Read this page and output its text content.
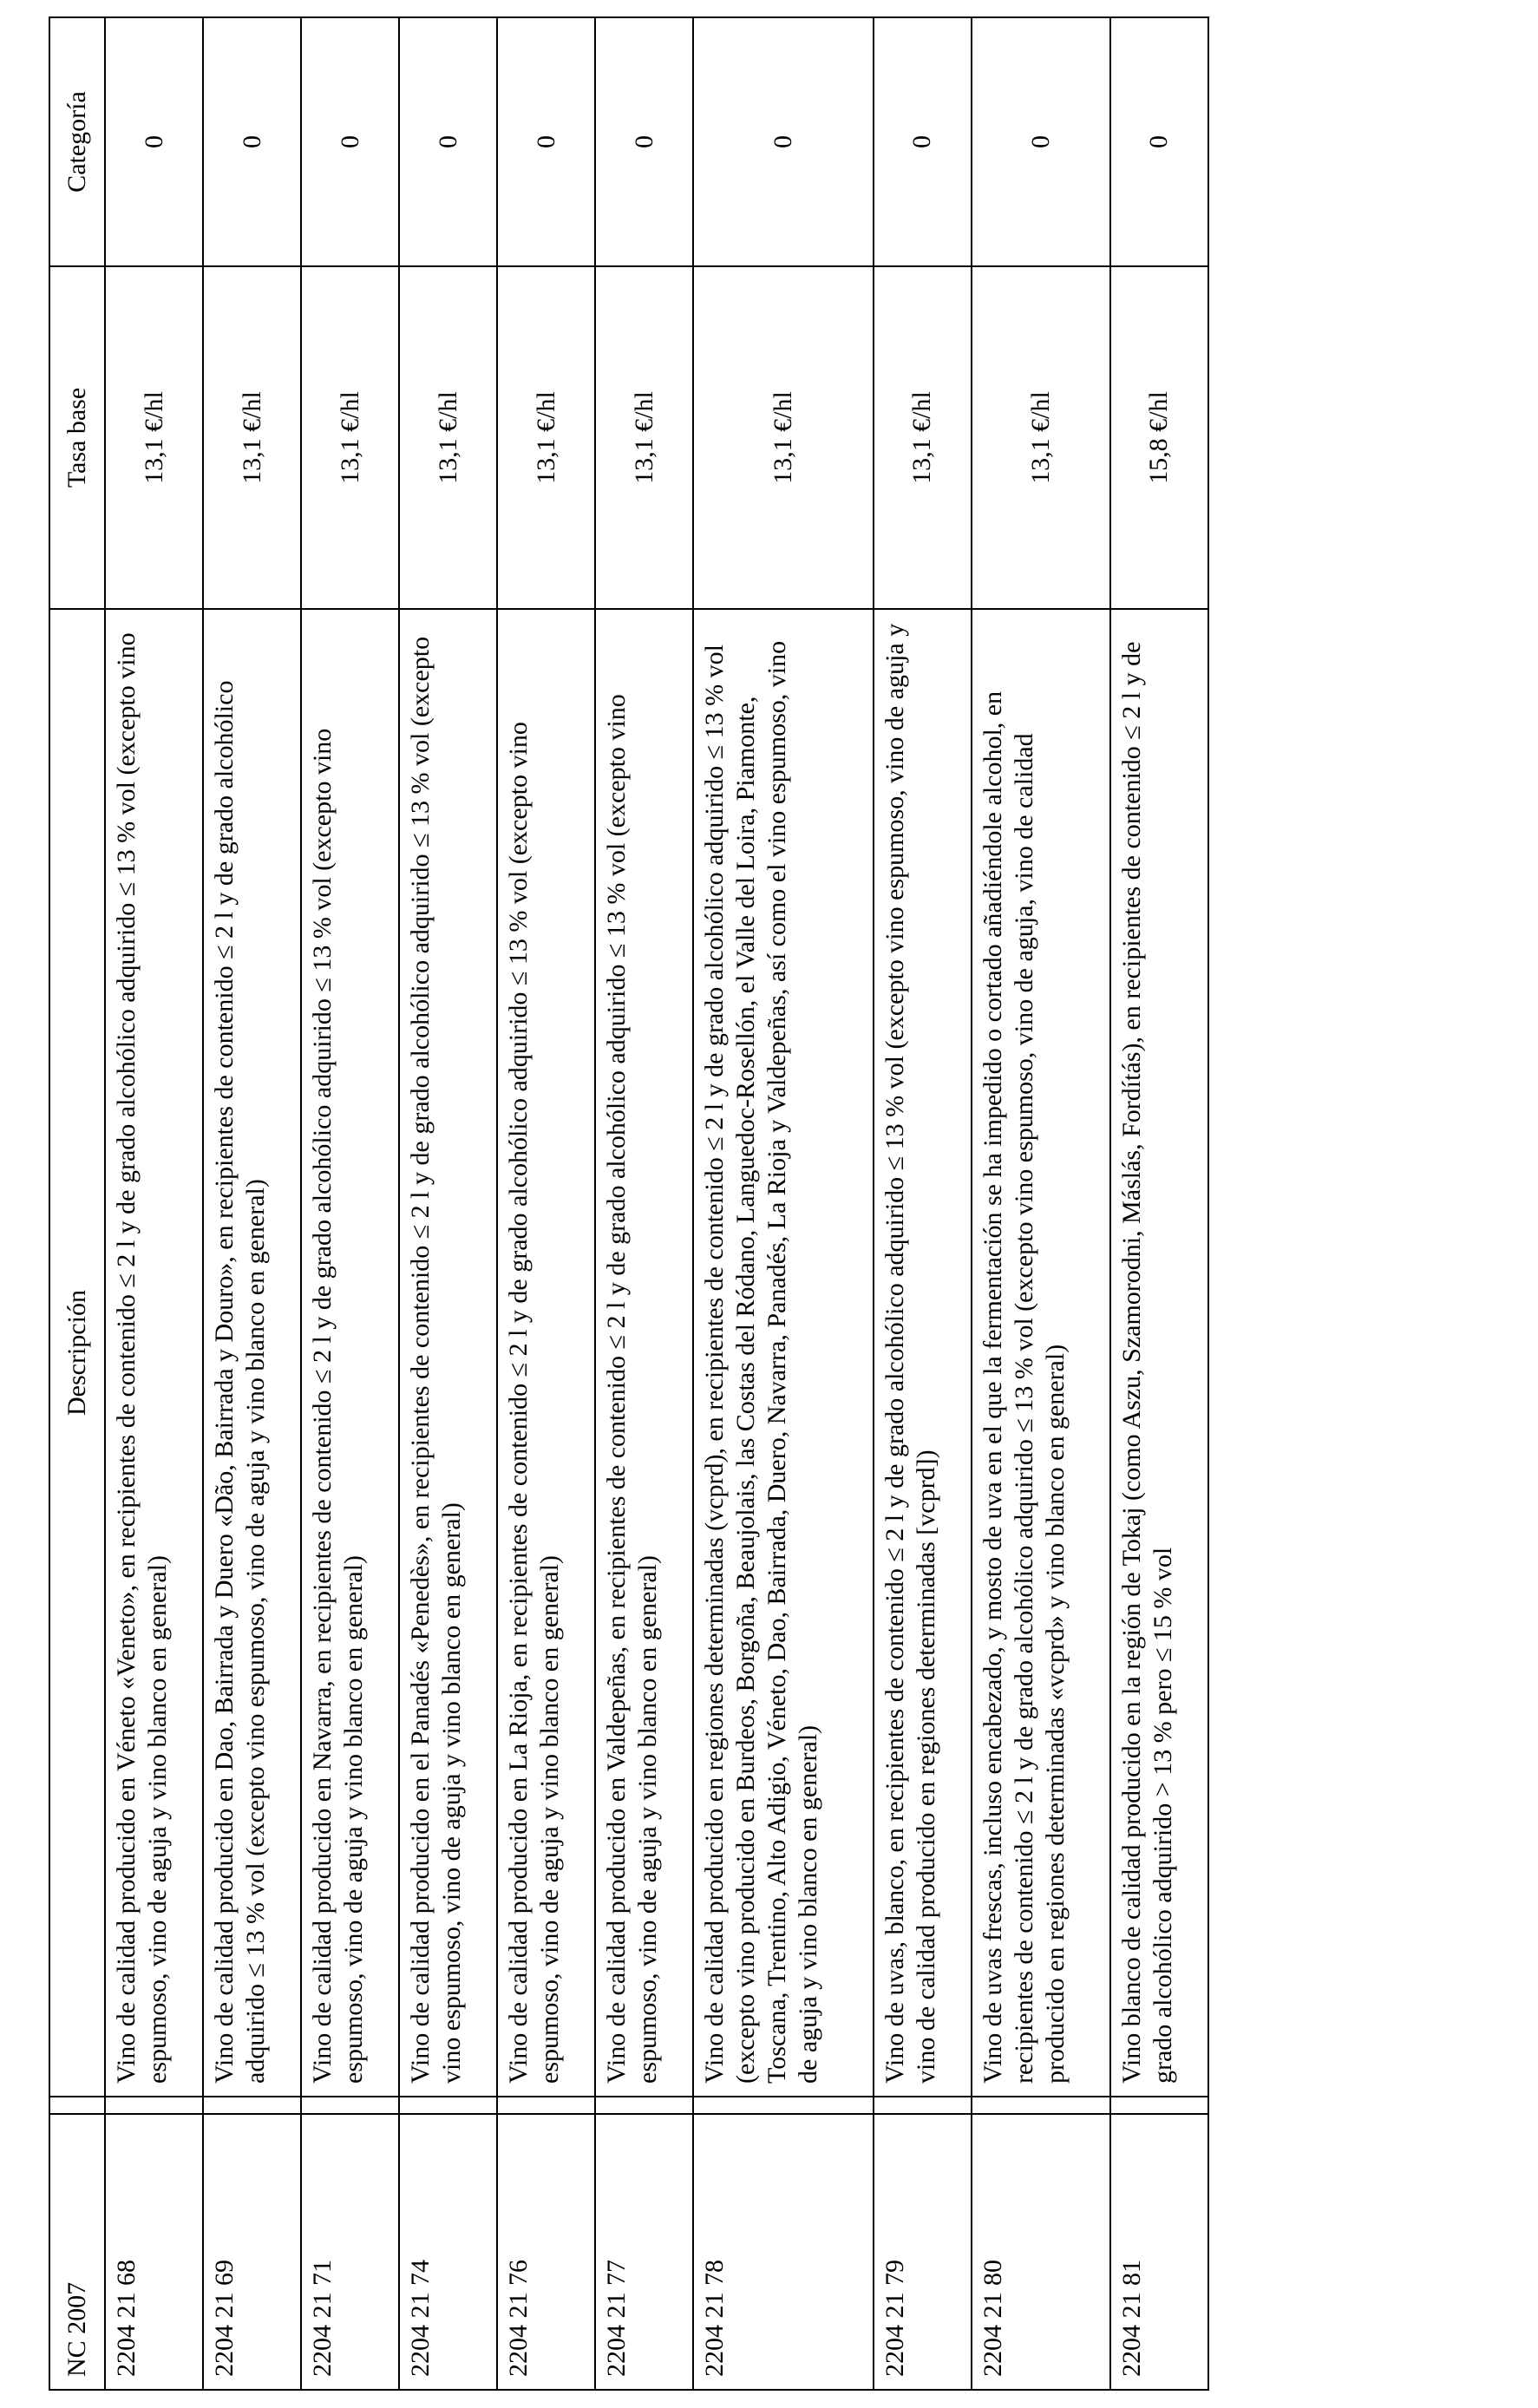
NC 2007		Descripción	Tasa base	Categoría
2204 21 68		Vino de calidad producido en Véneto «Veneto», en recipientes de contenido ≤ 2 l y de grado alcohólico adquirido ≤ 13 % vol (excepto vino espumoso, vino de aguja y vino blanco en general)	13,1 €/hl	0
2204 21 69		Vino de calidad producido en Dao, Bairrada y Duero «Dão, Bairrada y Douro», en recipientes de contenido ≤ 2 l y de grado alcohólico adquirido ≤ 13 % vol (excepto vino espumoso, vino de aguja y vino blanco en general)	13,1 €/hl	0
2204 21 71		Vino de calidad producido en Navarra, en recipientes de contenido ≤ 2 l y de grado alcohólico adquirido ≤ 13 % vol (excepto vino espumoso, vino de aguja y vino blanco en general)	13,1 €/hl	0
2204 21 74		Vino de calidad producido en el Panadés «Penedès», en recipientes de contenido ≤ 2 l y de grado alcohólico adquirido ≤ 13 % vol (excepto vino espumoso, vino de aguja y vino blanco en general)	13,1 €/hl	0
2204 21 76		Vino de calidad producido en La Rioja, en recipientes de contenido ≤ 2 l y de grado alcohólico adquirido ≤ 13 % vol (excepto vino espumoso, vino de aguja y vino blanco en general)	13,1 €/hl	0
2204 21 77		Vino de calidad producido en Valdepeñas, en recipientes de contenido ≤ 2 l y de grado alcohólico adquirido ≤ 13 % vol (excepto vino espumoso, vino de aguja y vino blanco en general)	13,1 €/hl	0
2204 21 78		Vino de calidad producido en regiones determinadas (vcprd), en recipientes de contenido ≤ 2 l y de grado alcohólico adquirido ≤ 13 % vol (excepto vino producido en Burdeos, Borgoña, Beaujolais, las Costas del Ródano, Languedoc-Rosellón, el Valle del Loira, Piamonte, Toscana, Trentino, Alto Adigio, Véneto, Dao, Bairrada, Duero, Navarra, Panadés, La Rioja y Valdepeñas, así como el vino espumoso, vino de aguja y vino blanco en general)	13,1 €/hl	0
2204 21 79		Vino de uvas, blanco, en recipientes de contenido ≤ 2 l y de grado alcohólico adquirido ≤ 13 % vol (excepto vino espumoso, vino de aguja y vino de calidad producido en regiones determinadas [vcprd])	13,1 €/hl	0
2204 21 80		Vino de uvas frescas, incluso encabezado, y mosto de uva en el que la fermentación se ha impedido o cortado añadiéndole alcohol, en recipientes de contenido ≤ 2 l y de grado alcohólico adquirido ≤ 13 % vol (excepto vino espumoso, vino de aguja, vino de calidad producido en regiones determinadas «vcprd» y vino blanco en general)	13,1 €/hl	0
2204 21 81		Vino blanco de calidad producido en la región de Tokaj (como Aszu, Szamorodni, Máslás, Fordítás), en recipientes de contenido ≤ 2 l y de grado alcohólico adquirido > 13 % pero ≤ 15 % vol	15,8 €/hl	0
